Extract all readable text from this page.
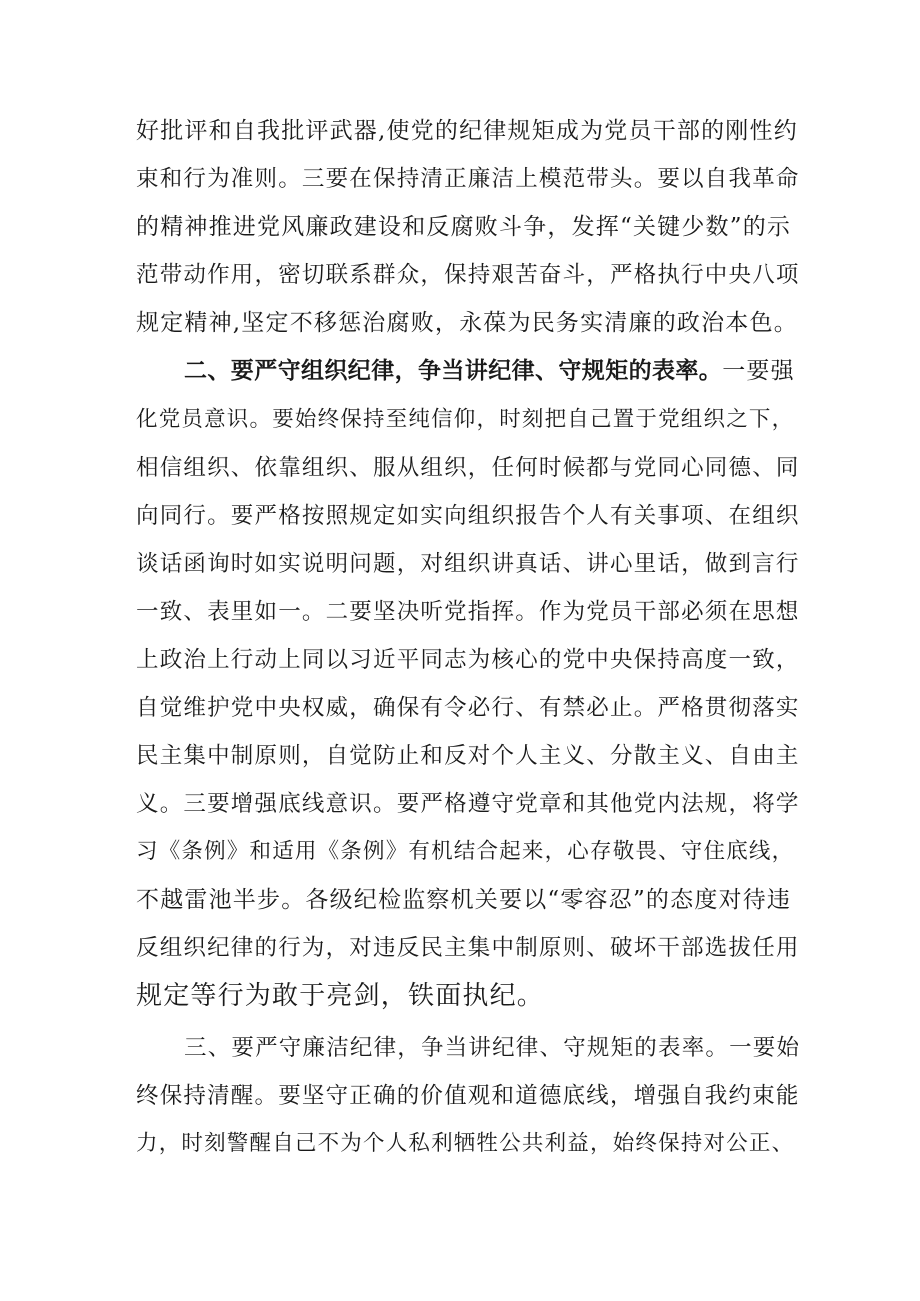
好批评和自我批评武器,使党的纪律规矩成为党员干部的刚性约
束和行为准则。三要在保持清正廉洁上模范带头。要以自我革命
的精神推进党风廉政建设和反腐败斗争，发挥“关键少数”的示
范带动作用，密切联系群众，保持艰苦奋斗，严格执行中央八项
规定精神,坚定不移惩治腐败，永葆为民务实清廉的政治本色。
二、要严守组织纪律，争当讲纪律、守规矩的表率。一要强
化党员意识。要始终保持至纯信仰，时刻把自己置于党组织之下，
相信组织、依靠组织、服从组织，任何时候都与党同心同德、同
向同行。要严格按照规定如实向组织报告个人有关事项、在组织
谈话函询时如实说明问题，对组织讲真话、讲心里话，做到言行
一致、表里如一。二要坚决听党指挥。作为党员干部必须在思想
上政治上行动上同以习近平同志为核心的党中央保持高度一致，
自觉维护党中央权威，确保有令必行、有禁必止。严格贯彻落实
民主集中制原则，自觉防止和反对个人主义、分散主义、自由主
义。三要增强底线意识。要严格遵守党章和其他党内法规，将学
习《条例》和适用《条例》有机结合起来，心存敬畏、守住底线，
不越雷池半步。各级纪检监察机关要以“零容忍”的态度对待违
反组织纪律的行为，对违反民主集中制原则、破坏干部选拔任用
规定等行为敢于亮剑，铁面执纪。
三、要严守廉洁纪律，争当讲纪律、守规矩的表率。一要始
终保持清醒。要坚守正确的价值观和道德底线，增强自我约束能
力，时刻警醒自己不为个人私利牺牲公共利益，始终保持对公正、
